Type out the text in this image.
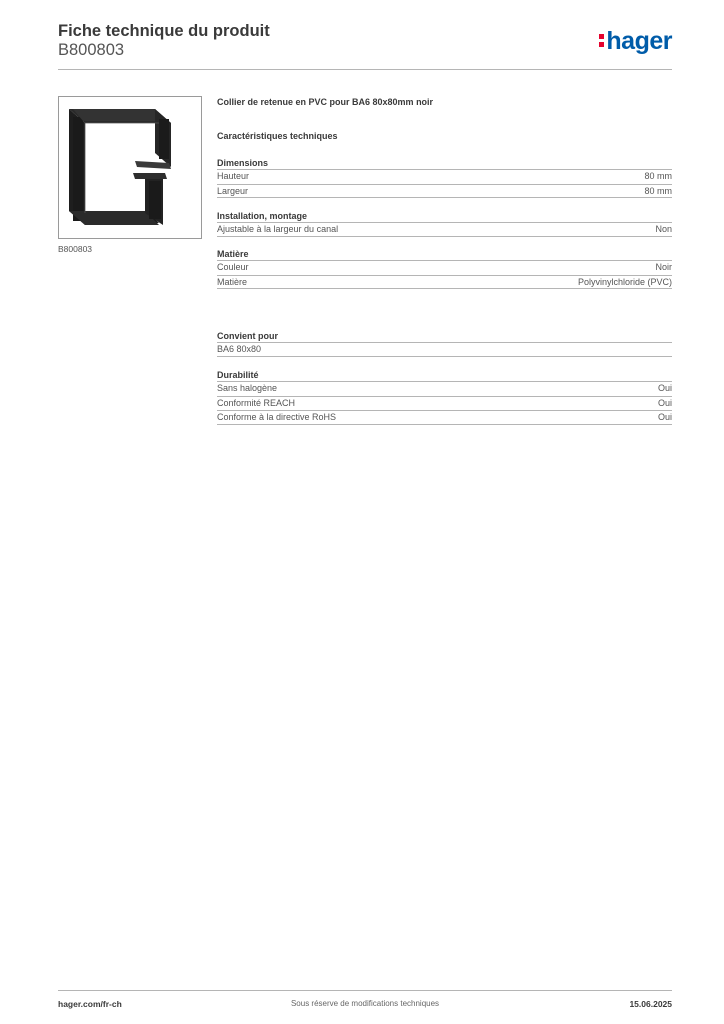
Fiche technique du produit
B800803	hager
B800803
Collier de retenue en PVC pour BA6 80x80mm noir
Caractéristiques techniques
Dimensions
Hauteur	80 mm
Largeur	80 mm
Installation, montage
Ajustable à la largeur du canal	Non
Matière
Couleur	Noir
Matière	Polyvinylchloride (PVC)
Convient pour
BA6 80x80
Durabilité
Sans halogène	Oui
Conformité REACH	Oui
Conforme à la directive RoHS	Oui
hager.com/fr-ch	Sous réserve de modifications techniques	15.06.2025
